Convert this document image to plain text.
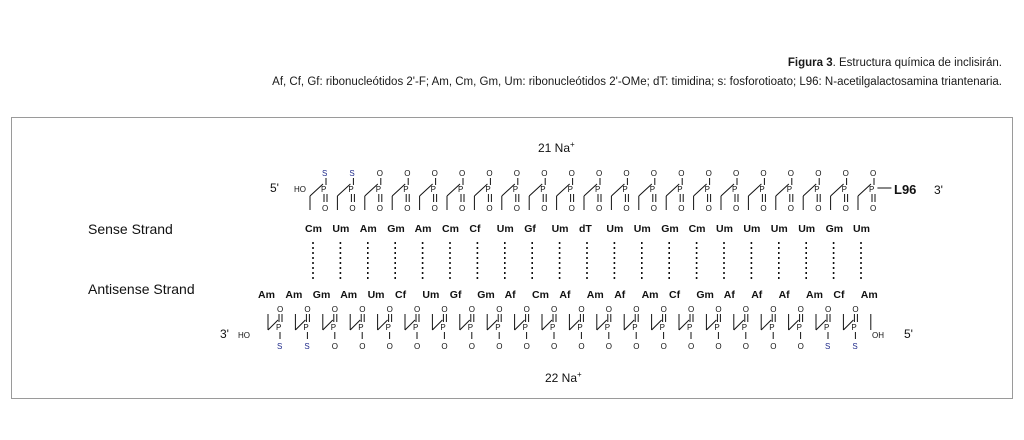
Figura 3. Estructura química de inclisirán.
Af, Cf, Gf: ribonucleótidos 2'-F; Am, Cm, Gm, Um: ribonucleótidos 2'-OMe; dT: timidina; s: fosforotioato; L96: N-acetilgalactosamina triantenaria.
P
O
S
Cm
P
O
S
Um
P
O
O
Am
P
O
O
Gm
P
O
O
Am
P
O
O
Cm
P
O
O
Cf
P
O
O
Um
P
O
O
Gf
P
O
O
Um
P
O
O
dT
P
O
O
Um
P
O
O
Um
P
O
O
Gm
P
O
O
Cm
P
O
O
Um
P
O
O
Um
P
O
O
Um
P
O
O
Um
P
O
O
Gm
P
O
O
Um
Am
P
O
S
Am
P
O
S
Gm
P
O
O
Am
P
O
O
Um
P
O
O
Cf
P
O
O
Um
P
O
O
Gf
P
O
O
Gm
P
O
O
Af
P
O
O
Cm
P
O
O
Af
P
O
O
Am
P
O
O
Af
P
O
O
Am
P
O
O
Cf
P
O
O
Gm
P
O
O
Af
P
O
O
Af
P
O
O
Af
P
O
O
Am
P
O
S
Cf
P
O
S
Am
Sense Strand
Antisense Strand
21 Na+
22 Na+
5' HO	L96 3'
3' HO	OH 5'
